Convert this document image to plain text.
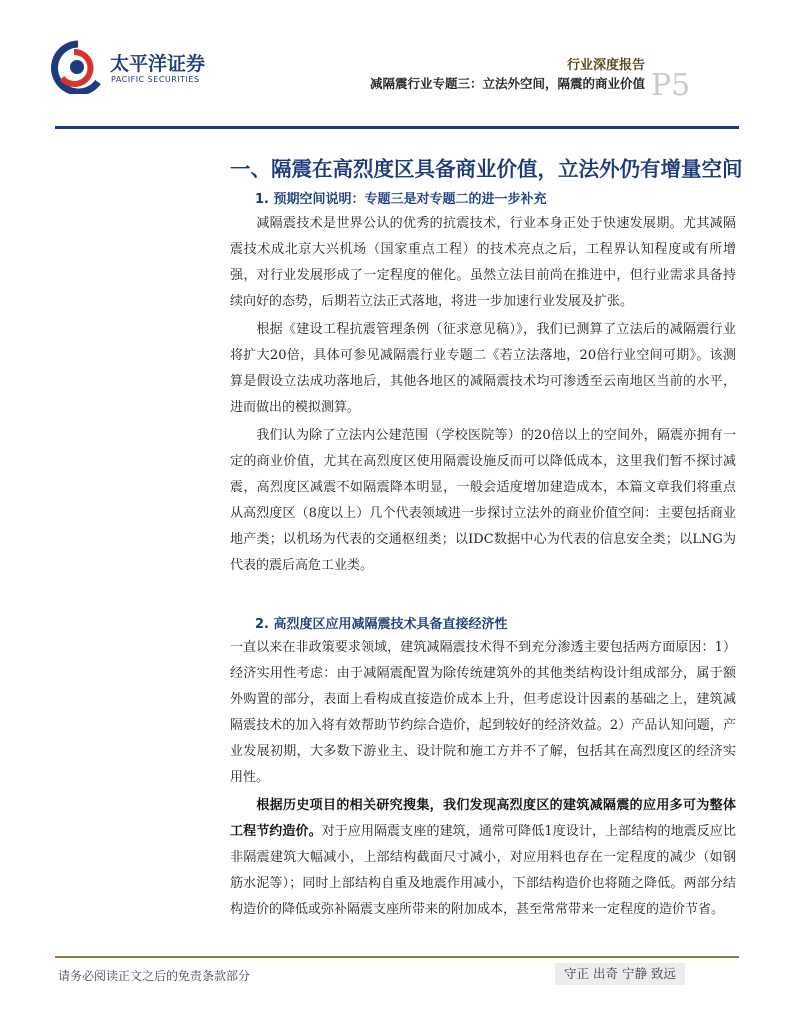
太平洋证券
PACIFIC SECURITIES
行业深度报告
减隔震行业专题三：立法外空间，隔震的商业价值 P5
一、隔震在高烈度区具备商业价值，立法外仍有增量空间
1. 预期空间说明：专题三是对专题二的进一步补充
减隔震技术是世界公认的优秀的抗震技术，行业本身正处于快速发展期。尤其减隔震技术成北京大兴机场（国家重点工程）的技术亮点之后，工程界认知程度或有所增强，对行业发展形成了一定程度的催化。虽然立法目前尚在推进中，但行业需求具备持续向好的态势，后期若立法正式落地，将进一步加速行业发展及扩张。
根据《建设工程抗震管理条例（征求意见稿）》，我们已测算了立法后的减隔震行业将扩大20倍，具体可参见减隔震行业专题二《若立法落地，20倍行业空间可期》。该测算是假设立法成功落地后，其他各地区的减隔震技术均可渗透至云南地区当前的水平，进而做出的模拟测算。
我们认为除了立法内公建范围（学校医院等）的20倍以上的空间外，隔震亦拥有一定的商业价值，尤其在高烈度区使用隔震设施反而可以降低成本，这里我们暂不探讨减震，高烈度区减震不如隔震降本明显，一般会适度增加建造成本，本篇文章我们将重点从高烈度区（8度以上）几个代表领域进一步探讨立法外的商业价值空间：主要包括商业地产类；以机场为代表的交通枢纽类；以IDC数据中心为代表的信息安全类；以LNG为代表的震后高危工业类。
2. 高烈度区应用减隔震技术具备直接经济性
一直以来在非政策要求领域，建筑减隔震技术得不到充分渗透主要包括两方面原因：1）经济实用性考虑：由于减隔震配置为除传统建筑外的其他类结构设计组成部分，属于额外购置的部分，表面上看构成直接造价成本上升，但考虑设计因素的基础之上，建筑减隔震技术的加入将有效帮助节约综合造价，起到较好的经济效益。2）产品认知问题，产业发展初期，大多数下游业主、设计院和施工方并不了解，包括其在高烈度区的经济实用性。
根据历史项目的相关研究搜集，我们发现高烈度区的建筑减隔震的应用多可为整体工程节约造价。对于应用隔震支座的建筑，通常可降低1度设计，上部结构的地震反应比非隔震建筑大幅减小，上部结构截面尺寸减小，对应用料也存在一定程度的减少（如钢筋水泥等）；同时上部结构自重及地震作用减小，下部结构造价也将随之降低。两部分结构造价的降低或弥补隔震支座所带来的附加成本，甚至常常带来一定程度的造价节省。
请务必阅读正文之后的免责条款部分	守正 出奇 宁静 致远
